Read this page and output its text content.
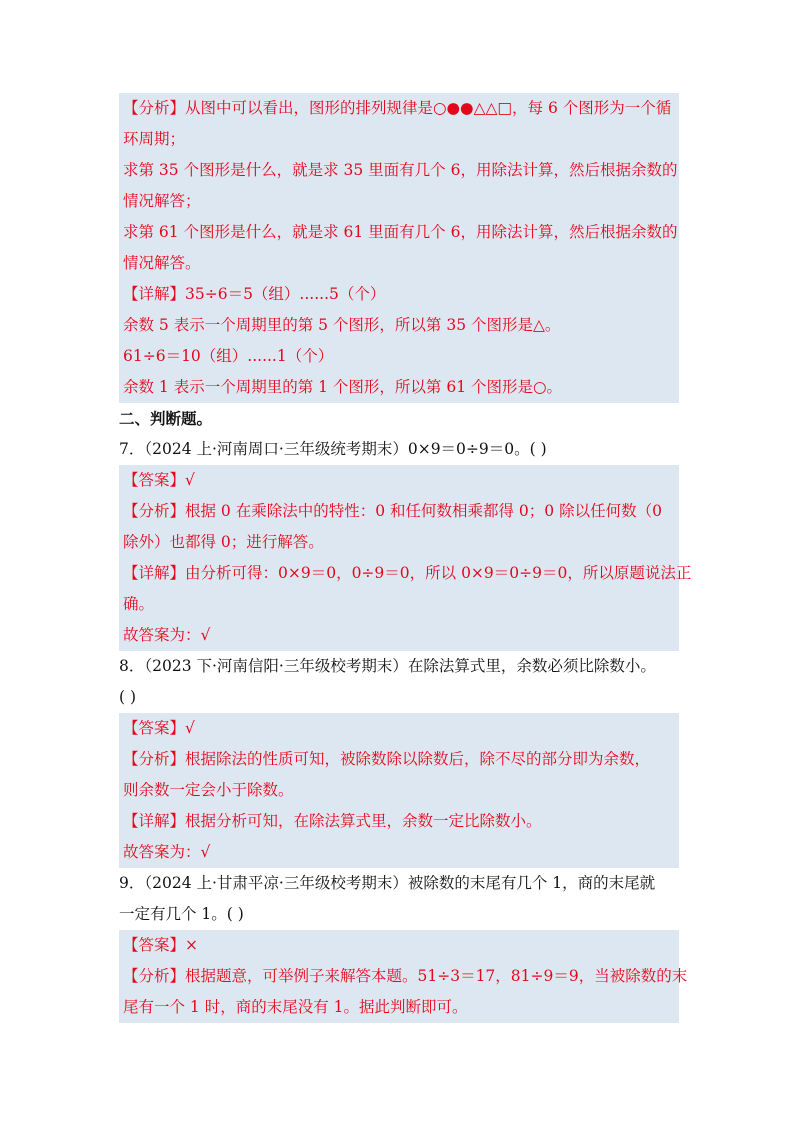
【分析】从图中可以看出，图形的排列规律是○●●△△□，每 6 个图形为一个循
环周期；
求第 35 个图形是什么，就是求 35 里面有几个 6，用除法计算，然后根据余数的
情况解答；
求第 61 个图形是什么，就是求 61 里面有几个 6，用除法计算，然后根据余数的
情况解答。
【详解】35÷6＝5（组）......5（个）
余数 5 表示一个周期里的第 5 个图形，所以第 35 个图形是△。
61÷6＝10（组）......1（个）
余数 1 表示一个周期里的第 1 个图形，所以第 61 个图形是○。
二、判断题。
7．（2024 上·河南周口·三年级统考期末）0×9＝0÷9＝0。( )
【答案】√
【分析】根据 0 在乘除法中的特性：0 和任何数相乘都得 0；0 除以任何数（0
除外）也都得 0；进行解答。
【详解】由分析可得：0×9＝0，0÷9＝0，所以 0×9＝0÷9＝0，所以原题说法正
确。
故答案为：√
8．（2023 下·河南信阳·三年级校考期末）在除法算式里，余数必须比除数小。
( )
【答案】√
【分析】根据除法的性质可知，被除数除以除数后，除不尽的部分即为余数，
则余数一定会小于除数。
【详解】根据分析可知，在除法算式里，余数一定比除数小。
故答案为：√
9．（2024 上·甘肃平凉·三年级校考期末）被除数的末尾有几个 1，商的末尾就
一定有几个 1。( )
【答案】×
【分析】根据题意，可举例子来解答本题。51÷3＝17，81÷9＝9，当被除数的末
尾有一个 1 时，商的末尾没有 1。据此判断即可。
